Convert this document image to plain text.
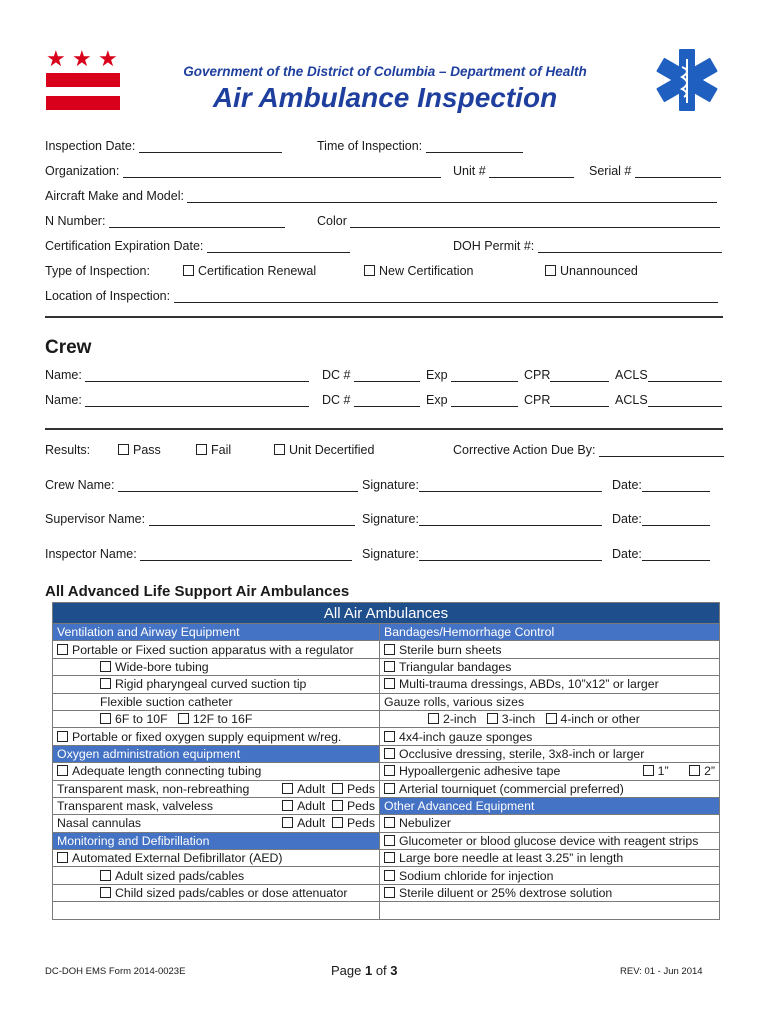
★ ★ ★
Government of the District of Columbia – Department of Health
Air Ambulance Inspection
Inspection Date:	Time of Inspection:
Organization:	Unit #	Serial #
Aircraft Make and Model:
N Number:	Color
Certification Expiration Date:	DOH Permit #:
Type of Inspection:	Certification Renewal	New Certification	Unannounced
Location of Inspection:
Crew
Name:	DC #	Exp	CPR	ACLS
Name:	DC #	Exp	CPR	ACLS
Results:	Pass	Fail	Unit Decertified	Corrective Action Due By:
Crew Name:	Signature:	Date:
Supervisor Name:	Signature:	Date:
Inspector Name:	Signature:	Date:
All Advanced Life Support Air Ambulances
All Air Ambulances	
Ventilation and Airway Equipment	Bandages/Hemorrhage Control
Portable or Fixed suction apparatus with a regulator	Sterile burn sheets
Wide-bore tubing	Triangular bandages
Rigid pharyngeal curved suction tip	Multi-trauma dressings, ABDs, 10”x12” or larger
Flexible suction catheter	Gauze rolls, various sizes
6F to 10F 12F to 16F	2-inch 3-inch 4-inch or other
Portable or fixed oxygen supply equipment w/reg.	4x4-inch gauze sponges
Oxygen administration equipment	Occlusive dressing, sterile, 3x8-inch or larger
Adequate length connecting tubing	Hypoallergenic adhesive tape 1” 2”

Transparent mask, non-rebreathing Adult Peds	Arterial tourniquet (commercial preferred)
Transparent mask, valveless Adult Peds	Other Advanced Equipment
Nasal cannulas Adult Peds	Nebulizer
Monitoring and Defibrillation	Glucometer or blood glucose device with reagent strips
Automated External Defibrillator (AED)	Large bore needle at least 3.25” in length
Adult sized pads/cables	Sodium chloride for injection
Child sized pads/cables or dose attenuator	Sterile diluent or 25% dextrose solution

DC-DOH EMS Form 2014-0023E	Page 1 of 3	REV: 01 - Jun 2014
